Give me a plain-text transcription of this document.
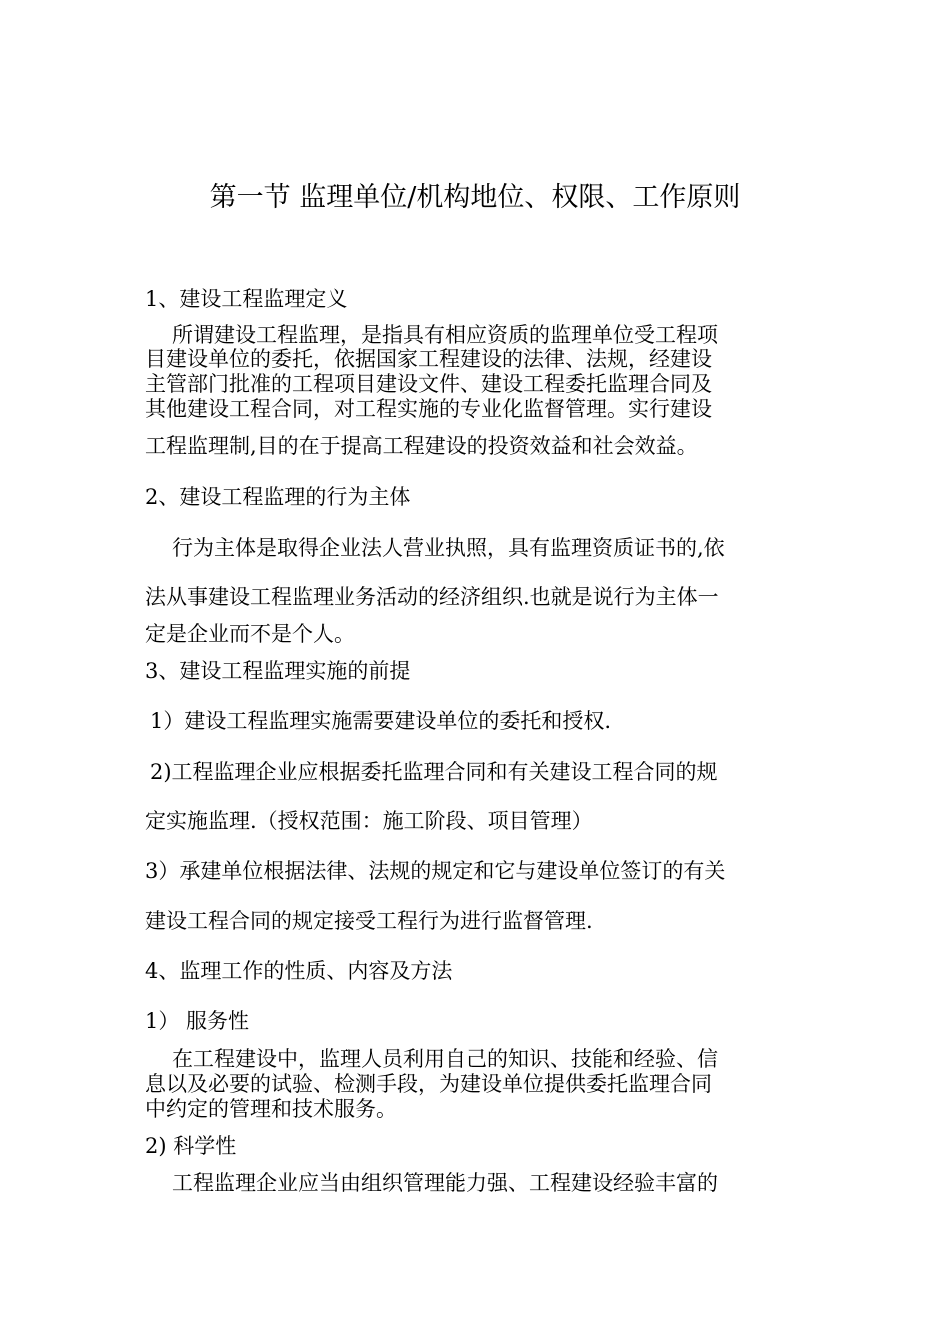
第一节 监理单位/机构地位、权限、工作原则
1、建设工程监理定义
所谓建设工程监理，是指具有相应资质的监理单位受工程项
目建设单位的委托，依据国家工程建设的法律、法规，经建设
主管部门批准的工程项目建设文件、建设工程委托监理合同及
其他建设工程合同，对工程实施的专业化监督管理。实行建设
工程监理制,目的在于提高工程建设的投资效益和社会效益。
2、建设工程监理的行为主体
行为主体是取得企业法人营业执照，具有监理资质证书的,依
法从事建设工程监理业务活动的经济组织.也就是说行为主体一
定是企业而不是个人。
3、建设工程监理实施的前提
1）建设工程监理实施需要建设单位的委托和授权.
2)工程监理企业应根据委托监理合同和有关建设工程合同的规
定实施监理.（授权范围：施工阶段、项目管理）
3）承建单位根据法律、法规的规定和它与建设单位签订的有关
建设工程合同的规定接受工程行为进行监督管理.
4、监理工作的性质、内容及方法
1） 服务性
在工程建设中，监理人员利用自己的知识、技能和经验、信
息以及必要的试验、检测手段，为建设单位提供委托监理合同
中约定的管理和技术服务。
2) 科学性
工程监理企业应当由组织管理能力强、工程建设经验丰富的
